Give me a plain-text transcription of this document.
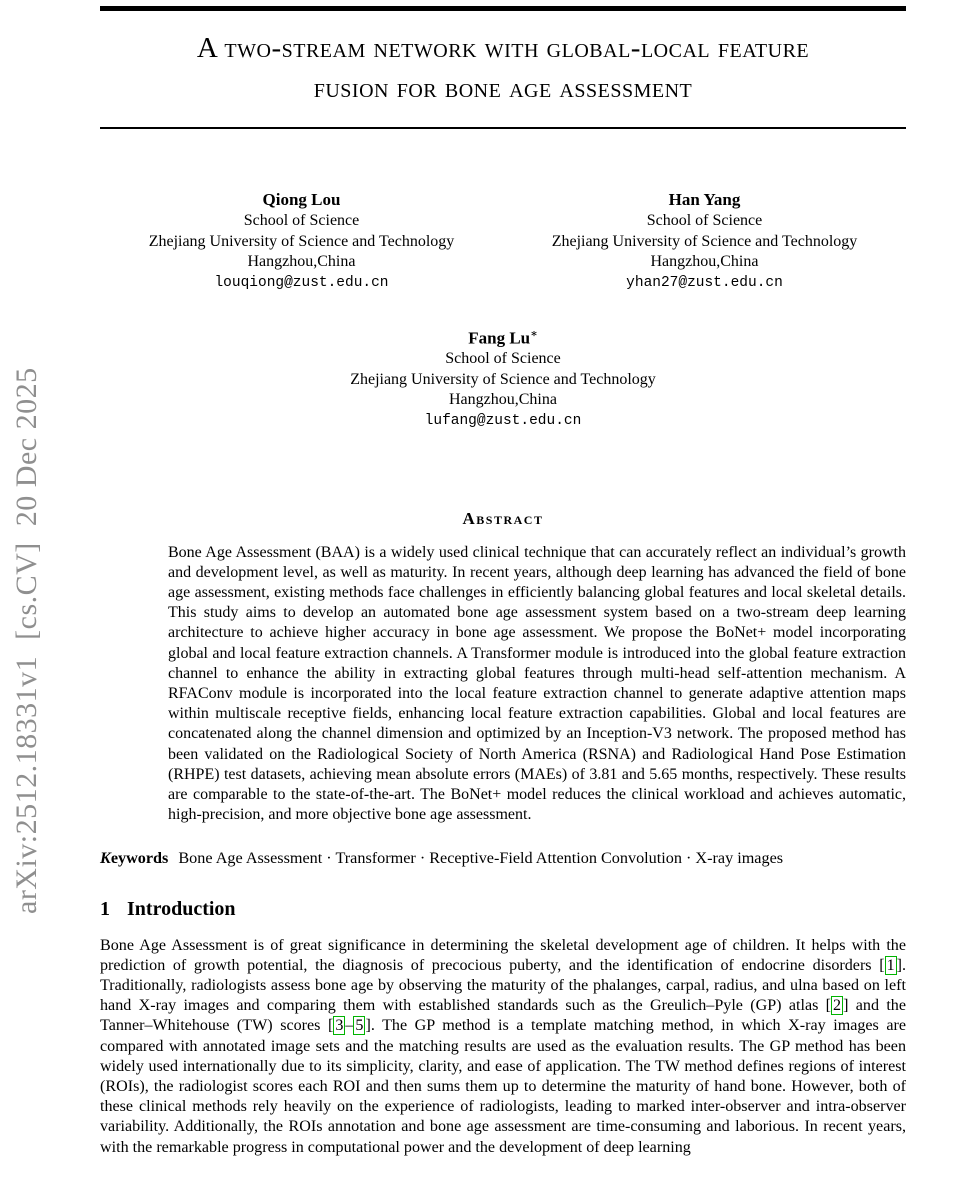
arXiv:2512.18331v1  [cs.CV]  20 Dec 2025
A two-stream network with global-local feature
fusion for bone age assessment
Qiong Lou
School of Science
Zhejiang University of Science and Technology
Hangzhou,China
louqiong@zust.edu.cn
Han Yang
School of Science
Zhejiang University of Science and Technology
Hangzhou,China
yhan27@zust.edu.cn
Fang Lu∗
School of Science
Zhejiang University of Science and Technology
Hangzhou,China
lufang@zust.edu.cn
Abstract

Bone Age Assessment (BAA) is a widely used clinical technique that can accurately reflect an individual’s growth and development level, as well as maturity. In recent years, although deep learning has advanced the field of bone age assessment, existing methods face challenges in efficiently balancing global features and local skeletal details. This study aims to develop an automated bone age assessment system based on a two-stream deep learning architecture to achieve higher accuracy in bone age assessment. We propose the BoNet+ model incorporating global and local feature extraction channels. A Transformer module is introduced into the global feature extraction channel to enhance the ability in extracting global features through multi-head self-attention mechanism. A RFAConv module is incorporated into the local feature extraction channel to generate adaptive attention maps within multiscale receptive fields, enhancing local feature extraction capabilities. Global and local features are concatenated along the channel dimension and optimized by an Inception-V3 network. The proposed method has been validated on the Radiological Society of North America (RSNA) and Radiological Hand Pose Estimation (RHPE) test datasets, achieving mean absolute errors (MAEs) of 3.81 and 5.65 months, respectively. These results are comparable to the state-of-the-art. The BoNet+ model reduces the clinical workload and achieves automatic, high-precision, and more objective bone age assessment.

Keywords Bone Age Assessment · Transformer · Receptive-Field Attention Convolution · X-ray images

1 Introduction

Bone Age Assessment is of great significance in determining the skeletal development age of children. It helps with the prediction of growth potential, the diagnosis of precocious puberty, and the identification of endocrine disorders [ 1 ]. Traditionally, radiologists assess bone age by observing the maturity of the phalanges, carpal, radius, and ulna based on left hand X-ray images and comparing them with established standards such as the Greulich–Pyle (GP) atlas [ 2 ] and the Tanner–Whitehouse (TW) scores [ 3 – 5 ]. The GP method is a template matching method, in which X-ray images are compared with annotated image sets and the matching results are used as the evaluation results. The GP method has been widely used internationally due to its simplicity, clarity, and ease of application. The TW method defines regions of interest (ROIs), the radiologist scores each ROI and then sums them up to determine the maturity of hand bone. However, both of these clinical methods rely heavily on the experience of radiologists, leading to marked inter-observer and intra-observer variability. Additionally, the ROIs annotation and bone age assessment are time-consuming and laborious. In recent years, with the remarkable progress in computational power and the development of deep learning
